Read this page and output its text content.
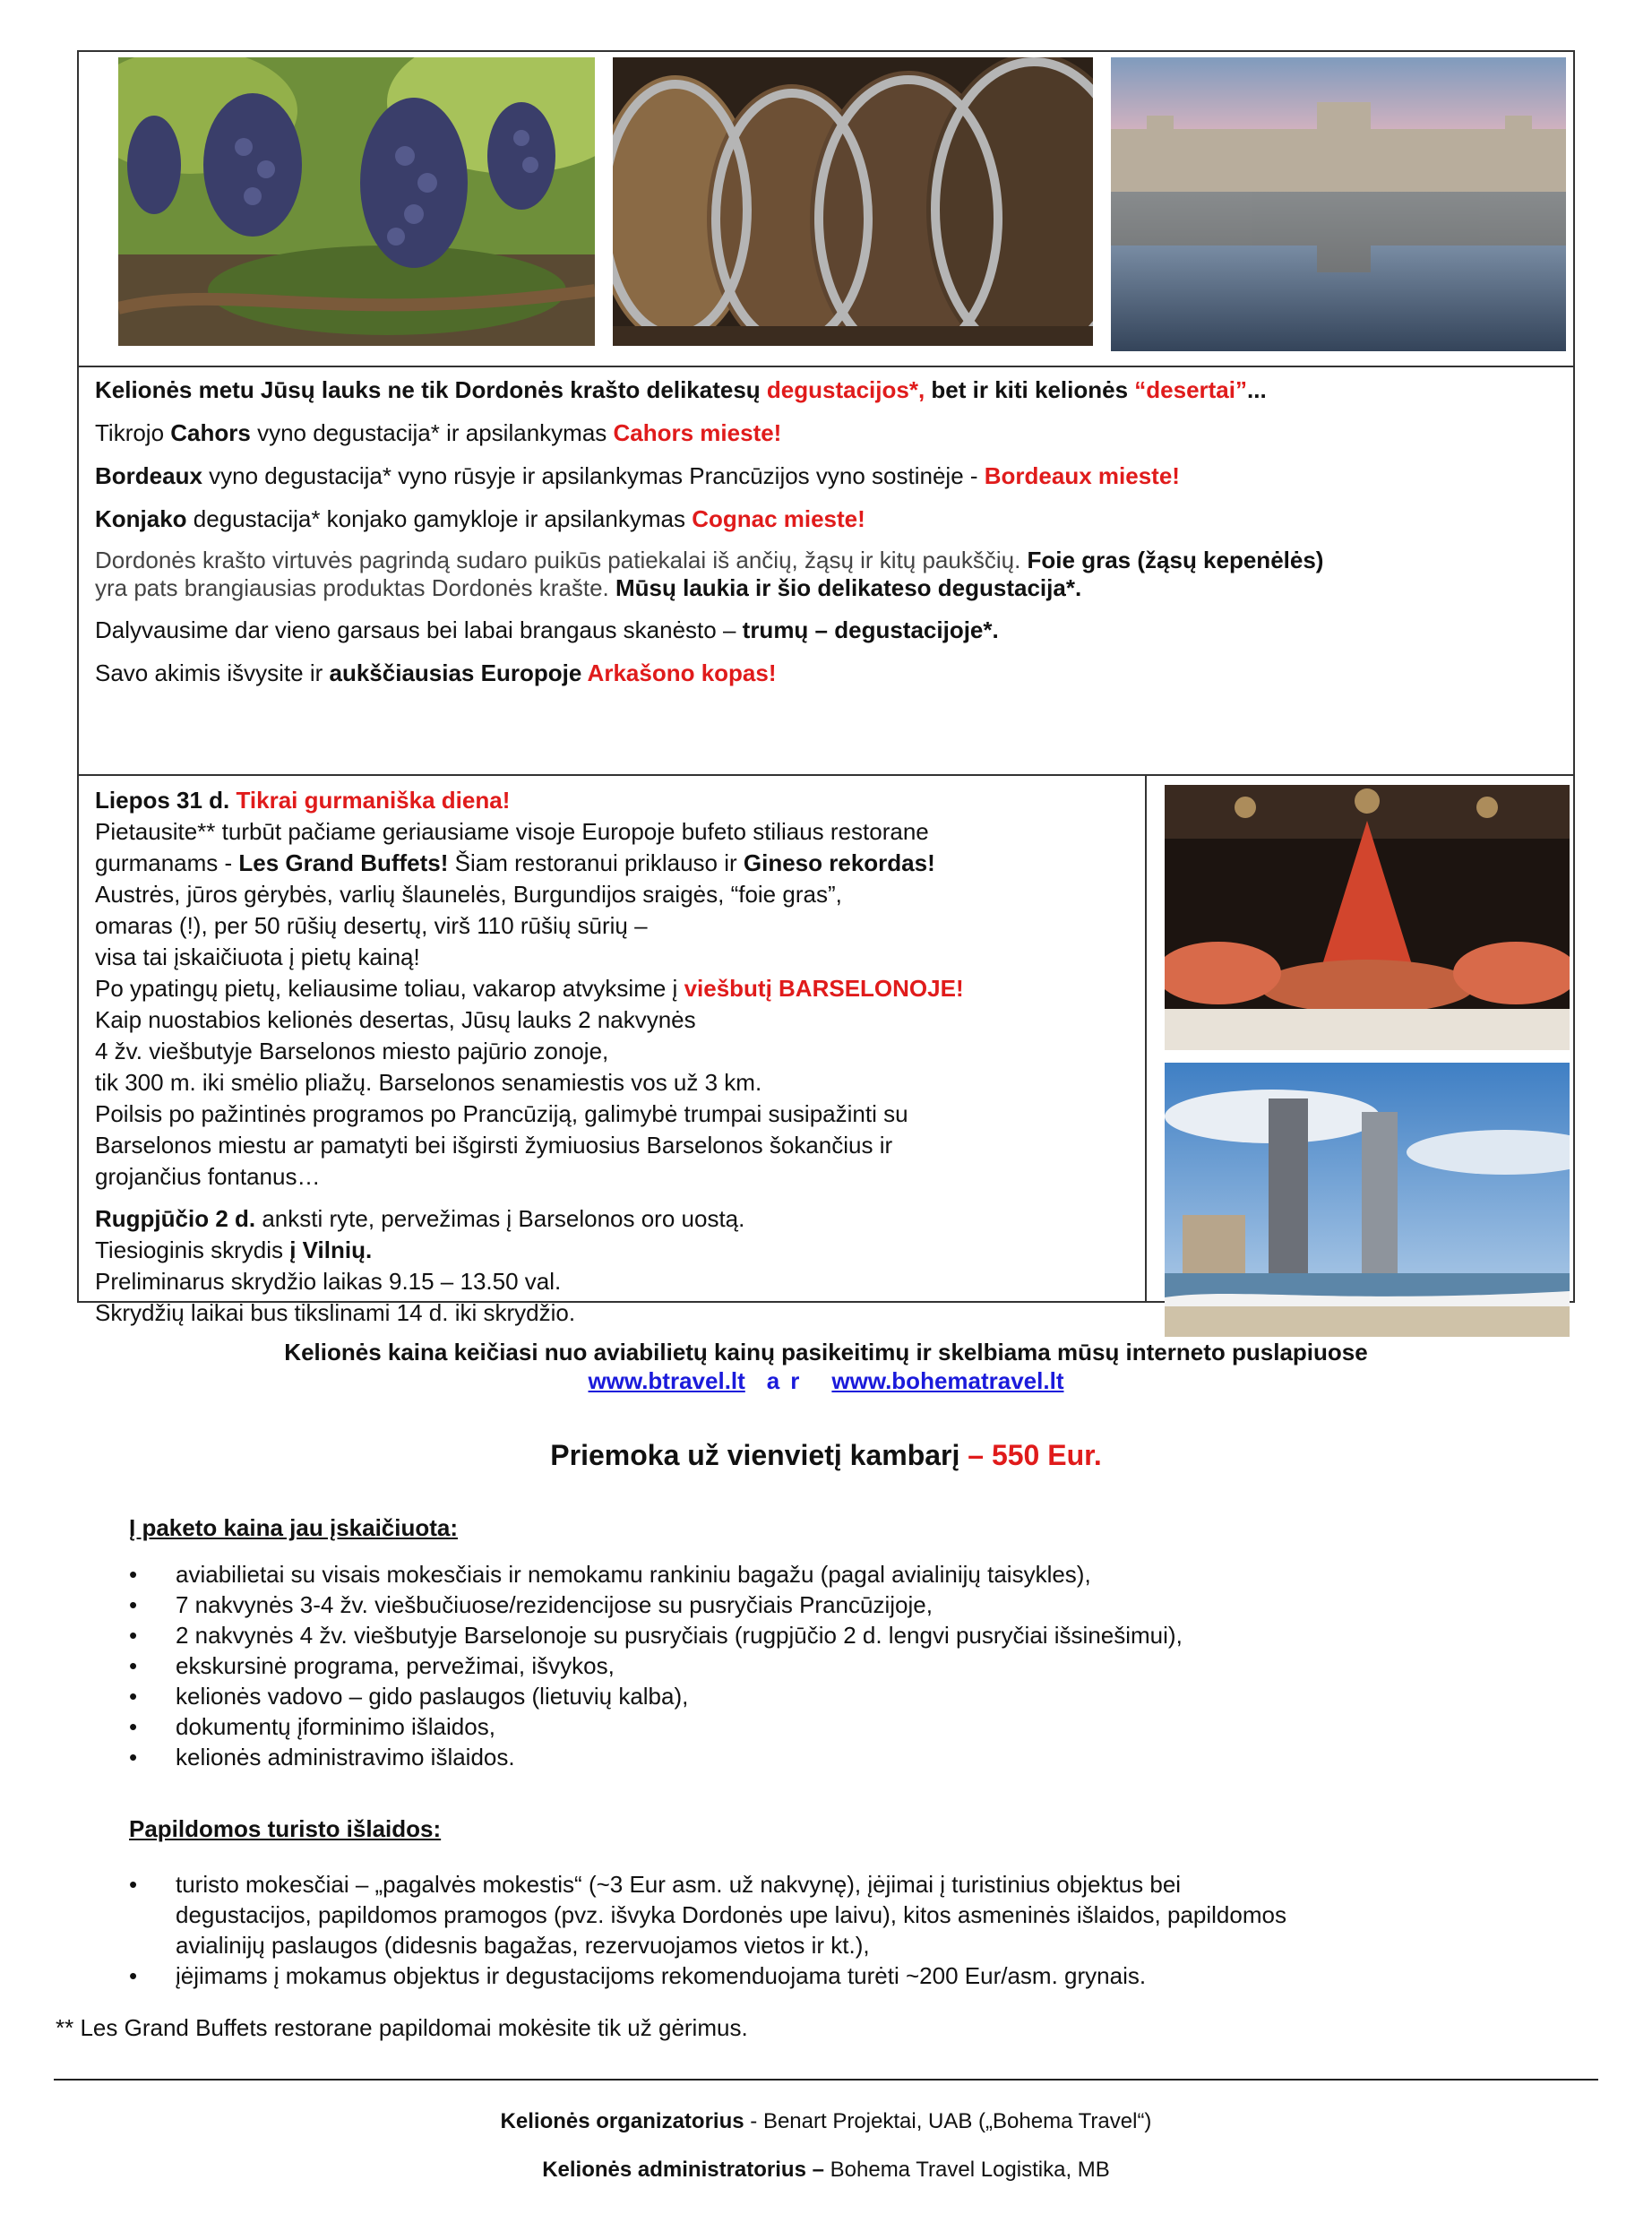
Kelionės metu Jūsų lauks ne tik Dordonės krašto delikatesų degustacijos*, bet ir kiti kelionės “desertai”...

Tikrojo Cahors vyno degustacija* ir apsilankymas Cahors mieste!

Bordeaux vyno degustacija* vyno rūsyje ir apsilankymas Prancūzijos vyno sostinėje - Bordeaux mieste!

Konjako degustacija* konjako gamykloje ir apsilankymas Cognac mieste!

Dordonės krašto virtuvės pagrindą sudaro puikūs patiekalai iš ančių, žąsų ir kitų paukščių. Foie gras (žąsų kepenėlės)
yra pats brangiausias produktas Dordonės krašte. Mūsų laukia ir šio delikateso degustacija*.

Dalyvausime dar vieno garsaus bei labai brangaus skanėsto – trumų – degustacijoje*.

Savo akimis išvysite ir aukščiausias Europoje Arkašono kopas!

Liepos 31 d. Tikrai gurmaniška diena!

Pietausite** turbūt pačiame geriausiame visoje Europoje bufeto stiliaus restorane

gurmanams - Les Grand Buffets! Šiam restoranui priklauso ir Gineso rekordas!

Austrės, jūros gėrybės, varlių šlaunelės, Burgundijos sraigės, “foie gras”,

omaras (!), per 50 rūšių desertų, virš 110 rūšių sūrių –

visa tai įskaičiuota į pietų kainą!

Po ypatingų pietų, keliausime toliau, vakarop atvyksime į viešbutį BARSELONOJE!

Kaip nuostabios kelionės desertas, Jūsų lauks 2 nakvynės

4 žv. viešbutyje Barselonos miesto pajūrio zonoje,

tik 300 m. iki smėlio pliažų. Barselonos senamiestis vos už 3 km.

Poilsis po pažintinės programos po Prancūziją, galimybė trumpai susipažinti su

Barselonos miestu ar pamatyti bei išgirsti žymiuosius Barselonos šokančius ir

grojančius fontanus…

Rugpjūčio 2 d. anksti ryte, pervežimas į Barselonos oro uostą.

Tiesioginis skrydis į Vilnių.

Preliminarus skrydžio laikas 9.15 – 13.50 val.

Skrydžių laikai bus tikslinami 14 d. iki skrydžio.

Kelionės kaina keičiasi nuo aviabilietų kainų pasikeitimų ir skelbiama mūsų interneto puslapiuose
www.btravel.lt ar www.bohematravel.lt
Priemoka už vienvietį kambarį – 550 Eur.
Į paketo kaina jau įskaičiuota:
• aviabilietai su visais mokesčiais ir nemokamu rankiniu bagažu (pagal avialinijų taisykles),
• 7 nakvynės 3-4 žv. viešbučiuose/rezidencijose su pusryčiais Prancūzijoje,
• 2 nakvynės 4 žv. viešbutyje Barselonoje su pusryčiais (rugpjūčio 2 d. lengvi pusryčiai išsinešimui),
• ekskursinė programa, pervežimai, išvykos,
• kelionės vadovo – gido paslaugos (lietuvių kalba),
• dokumentų įforminimo išlaidos,
• kelionės administravimo išlaidos.
Papildomos turisto išlaidos:
• turisto mokesčiai – „pagalvės mokestis“ (~3 Eur asm. už nakvynę), įėjimai į turistinius objektus bei
degustacijos, papildomos pramogos (pvz. išvyka Dordonės upe laivu), kitos asmeninės išlaidos, papildomos
avialinijų paslaugos (didesnis bagažas, rezervuojamos vietos ir kt.),
• įėjimams į mokamus objektus ir degustacijoms rekomenduojama turėti ~200 Eur/asm. grynais.
** Les Grand Buffets restorane papildomai mokėsite tik už gėrimus.
Kelionės organizatorius - Benart Projektai, UAB („Bohema Travel“)
Kelionės administratorius – Bohema Travel Logistika, MB
